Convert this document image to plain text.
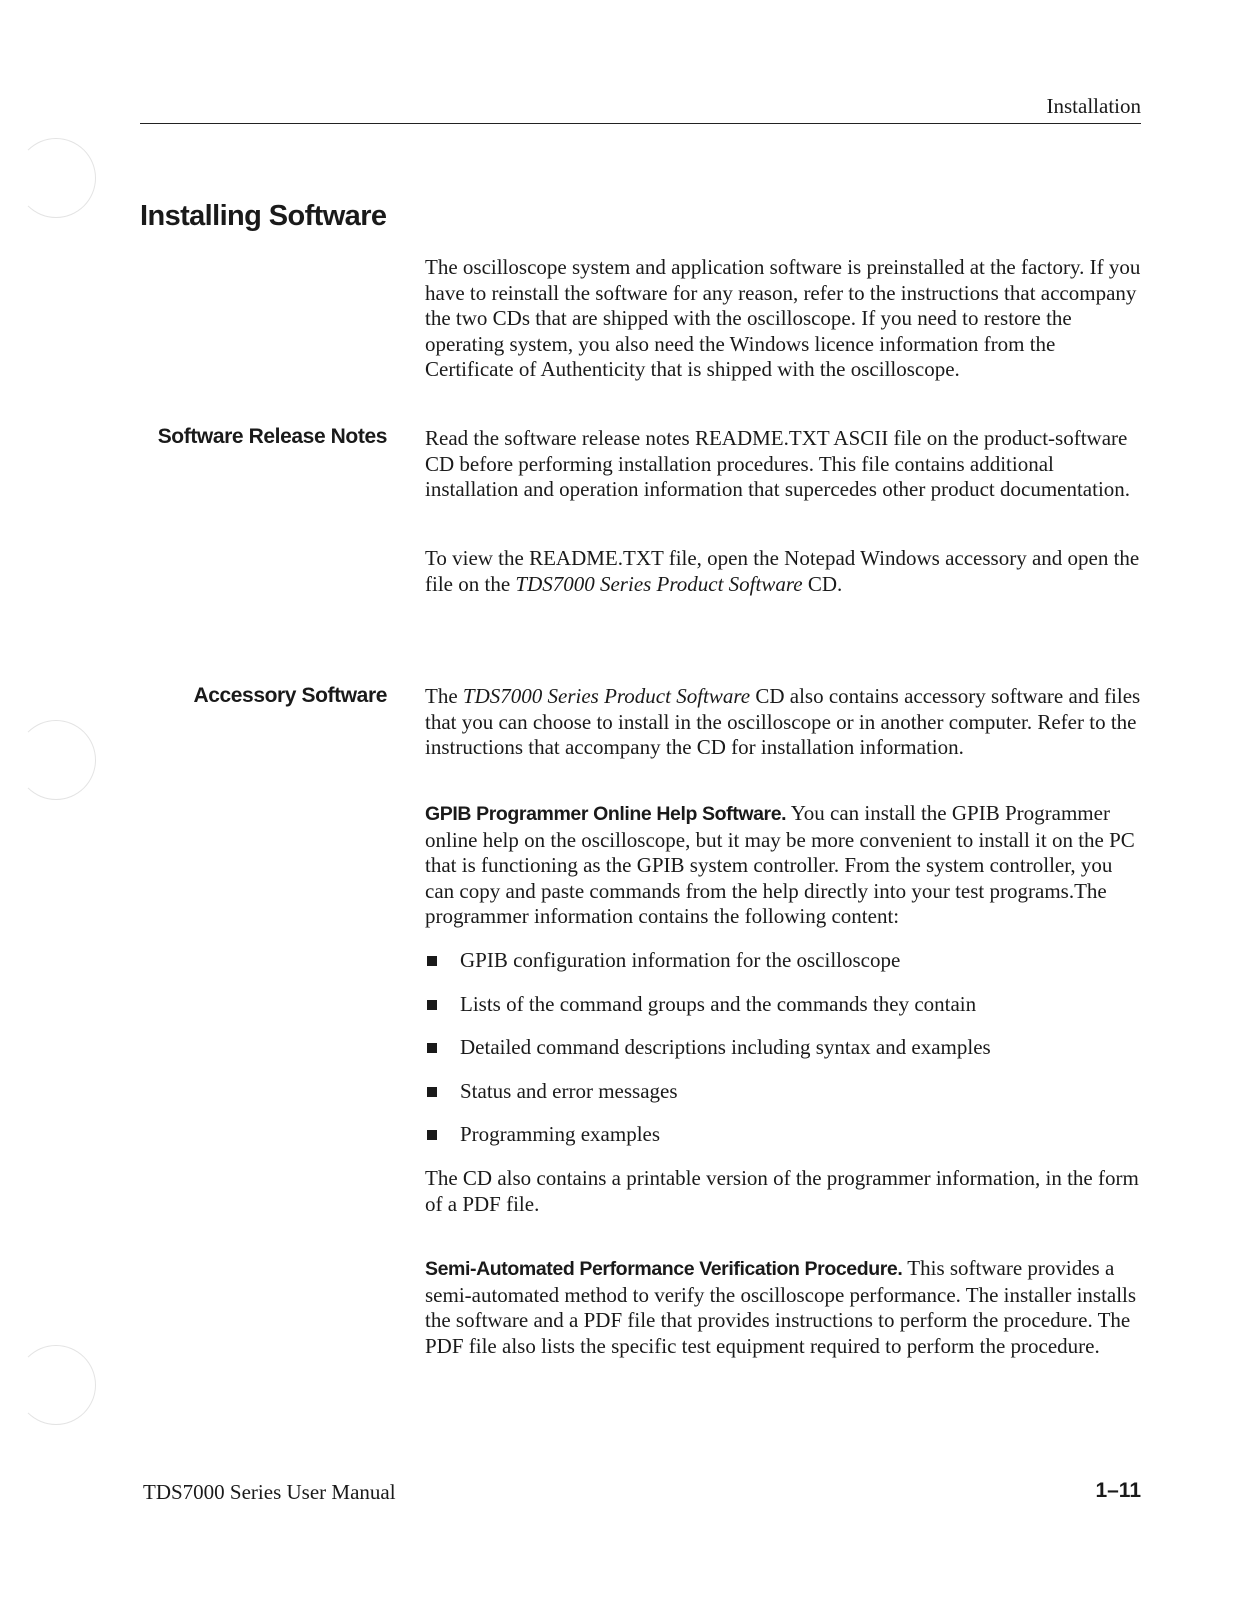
Installation
Installing Software

The oscilloscope system and application software is preinstalled at the factory. If you have to reinstall the software for any reason, refer to the instructions that accompany the two CDs that are shipped with the oscilloscope. If you need to restore the operating system, you also need the Windows licence information from the Certificate of Authenticity that is shipped with the oscilloscope.

Software Release Notes Read the software release notes README.TXT ASCII file on the product-software CD before performing installation procedures. This file contains additional installation and operation information that supercedes other product documentation.

To view the README.TXT file, open the Notepad Windows accessory and open the file on the TDS7000 Series Product Software CD.

Accessory Software The TDS7000 Series Product Software CD also contains accessory software and files that you can choose to install in the oscilloscope or in another computer. Refer to the instructions that accompany the CD for installation information.

GPIB Programmer Online Help Software. You can install the GPIB Programmer online help on the oscilloscope, but it may be more convenient to install it on the PC that is functioning as the GPIB system controller. From the system controller, you can copy and paste commands from the help directly into your test programs.The programmer information contains the following content:

GPIB configuration information for the oscilloscope
Lists of the command groups and the commands they contain
Detailed command descriptions including syntax and examples
Status and error messages
Programming examples

The CD also contains a printable version of the programmer information, in the form of a PDF file.

Semi-Automated Performance Verification Procedure. This software provides a semi-automated method to verify the oscilloscope performance. The installer installs the software and a PDF file that provides instructions to perform the procedure. The PDF file also lists the specific test equipment required to perform the procedure.

TDS7000 Series User Manual	1–11
